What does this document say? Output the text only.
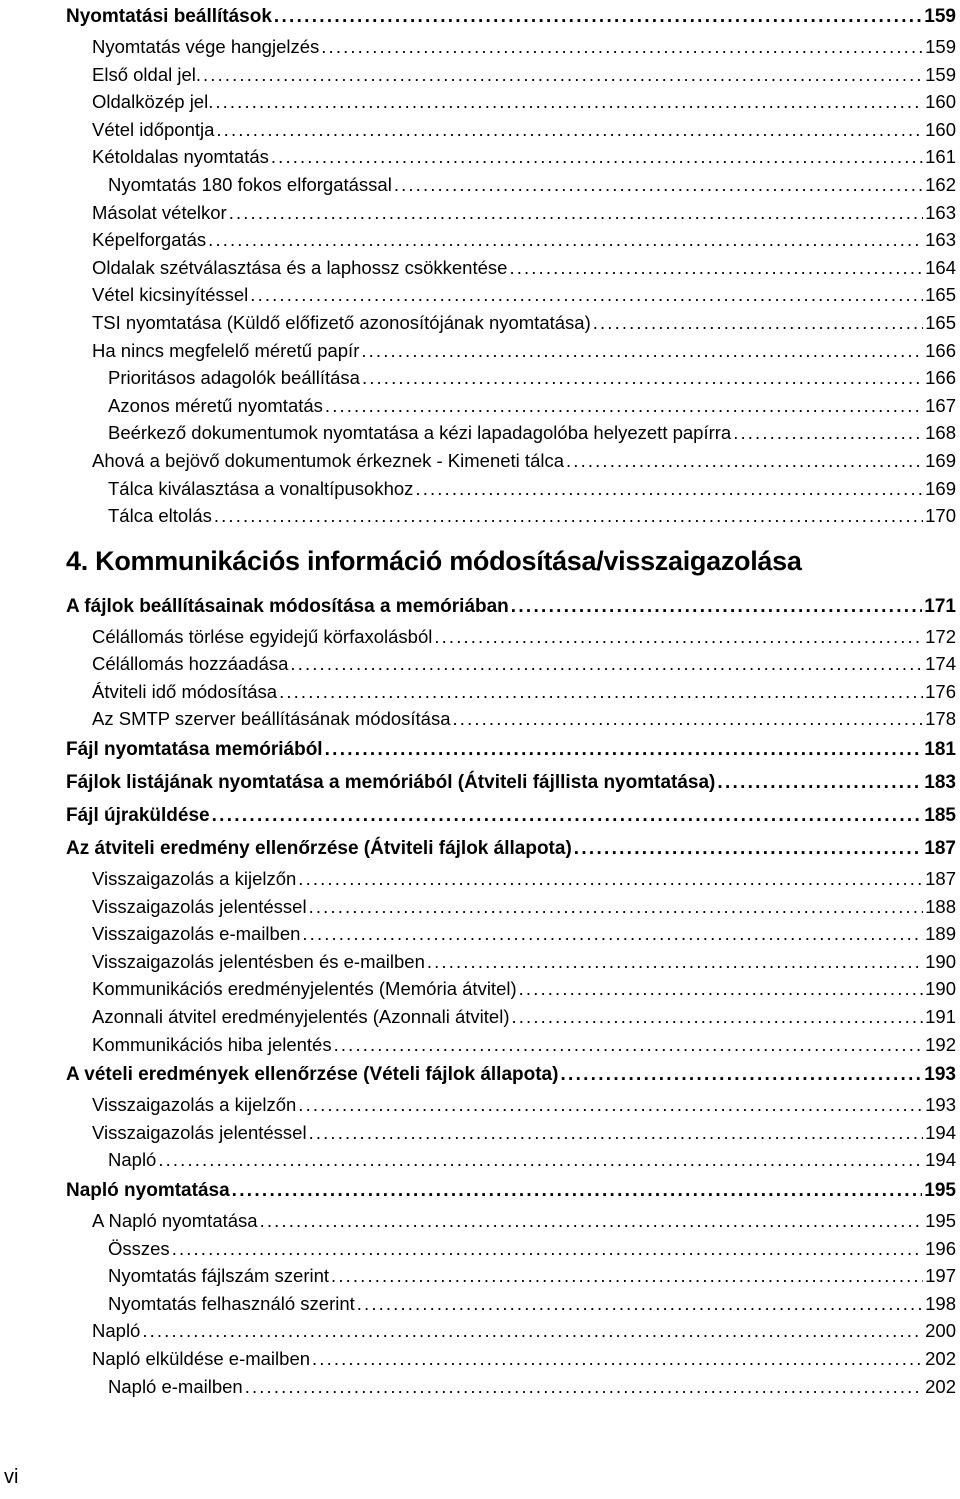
Nyomtatási beállítások . . .	159
Nyomtatás vége hangjelzés . . .	159
Első oldal jel. . . .	159
Oldalközép jel. . . .	160
Vétel időpontja . . .	160
Kétoldalas nyomtatás . . .	161
Nyomtatás 180 fokos elforgatással . . .	162
Másolat vételkor . . .	163
Képelforgatás . . .	163
Oldalak szétválasztása és a laphossz csökkentése . . .	164
Vétel kicsinyítéssel . . .	165
TSI nyomtatása (Küldő előfizető azonosítójának nyomtatása) . . .	165
Ha nincs megfelelő méretű papír . . .	166
Prioritásos adagolók beállítása . . .	166
Azonos méretű nyomtatás . . .	167
Beérkező dokumentumok nyomtatása a kézi lapadagolóba helyezett papírra . . .	168
Ahová a bejövő dokumentumok érkeznek - Kimeneti tálca . . .	169
Tálca kiválasztása a vonaltípusokhoz . . .	169
Tálca eltolás . . .	170
4. Kommunikációs információ módosítása/visszaigazolása
A fájlok beállításainak módosítása a memóriában . . .	171
Célállomás törlése egyidejű körfaxolásból . . .	172
Célállomás hozzáadása . . .	174
Átviteli idő módosítása . . .	176
Az SMTP szerver beállításának módosítása . . .	178
Fájl nyomtatása memóriából . . .	181
Fájlok listájának nyomtatása a memóriából (Átviteli fájllista nyomtatása) . . .	183
Fájl újraküldése . . .	185
Az átviteli eredmény ellenőrzése (Átviteli fájlok állapota) . . .	187
Visszaigazolás a kijelzőn . . .	187
Visszaigazolás jelentéssel . . .	188
Visszaigazolás e-mailben . . .	189
Visszaigazolás jelentésben és e-mailben . . .	190
Kommunikációs eredményjelentés (Memória átvitel) . . .	190
Azonnali átvitel eredményjelentés (Azonnali átvitel) . . .	191
Kommunikációs hiba jelentés . . .	192
A vételi eredmények ellenőrzése (Vételi fájlok állapota) . . .	193
Visszaigazolás a kijelzőn . . .	193
Visszaigazolás jelentéssel . . .	194
Napló . . .	194
Napló nyomtatása . . .	195
A Napló nyomtatása . . .	195
Összes . . .	196
Nyomtatás fájlszám szerint . . .	197
Nyomtatás felhasználó szerint . . .	198
Napló . . .	200
Napló elküldése e-mailben . . .	202
Napló e-mailben . . .	202
vi
